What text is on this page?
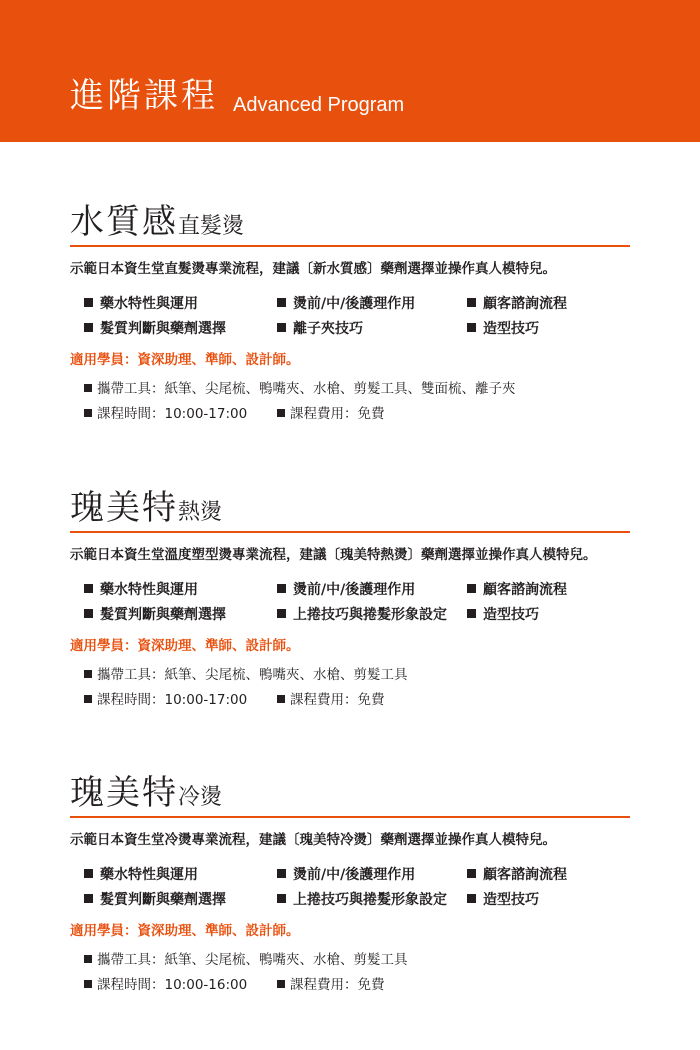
進階課程 Advanced Program
水質感直髮燙
示範日本資生堂直髮燙專業流程，建議〔新水質感〕藥劑選擇並操作真人模特兒。
藥水特性與運用	燙前/中/後護理作用	顧客諮詢流程
髮質判斷與藥劑選擇	離子夾技巧	造型技巧
適用學員：資深助理、準師、設計師。
攜帶工具：紙筆、尖尾梳、鴨嘴夾、水槍、剪髮工具、雙面梳、離子夾
課程時間：10:00-17:00	課程費用：免費
瑰美特熱燙
示範日本資生堂溫度塑型燙專業流程，建議〔瑰美特熱燙〕藥劑選擇並操作真人模特兒。
藥水特性與運用	燙前/中/後護理作用	顧客諮詢流程
髮質判斷與藥劑選擇	上捲技巧與捲髮形象設定	造型技巧
適用學員：資深助理、準師、設計師。
攜帶工具：紙筆、尖尾梳、鴨嘴夾、水槍、剪髮工具
課程時間：10:00-17:00	課程費用：免費
瑰美特冷燙
示範日本資生堂冷燙專業流程，建議〔瑰美特冷燙〕藥劑選擇並操作真人模特兒。
藥水特性與運用	燙前/中/後護理作用	顧客諮詢流程
髮質判斷與藥劑選擇	上捲技巧與捲髮形象設定	造型技巧
適用學員：資深助理、準師、設計師。
攜帶工具：紙筆、尖尾梳、鴨嘴夾、水槍、剪髮工具
課程時間：10:00-16:00	課程費用：免費
